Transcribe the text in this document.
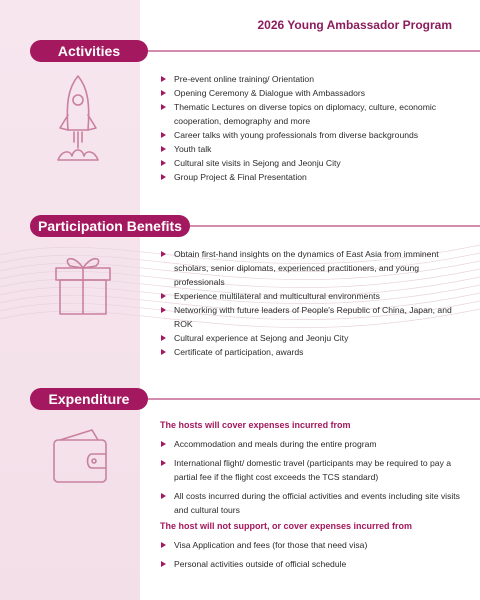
2026 Young Ambassador Program
Activities
Pre-event online training/ Orientation
Opening Ceremony & Dialogue with Ambassadors
Thematic Lectures on diverse topics on diplomacy, culture, economic cooperation, demography and more
Career talks with young professionals from diverse backgrounds
Youth talk
Cultural site visits in Sejong and Jeonju City
Group Project & Final Presentation
Participation Benefits
Obtain first-hand insights on the dynamics of East Asia from imminent scholars, senior diplomats, experienced practitioners, and young professionals
Experience multilateral and multicultural environments
Networking with future leaders of People's Republic of China, Japan, and ROK
Cultural experience at Sejong and Jeonju City
Certificate of participation, awards
Expenditure
The hosts will cover expenses incurred from
Accommodation and meals during the entire program
International flight/ domestic travel (participants may be required to pay a partial fee if the flight cost exceeds the TCS standard)
All costs incurred during the official activities and events including site visits and cultural tours
The host will not support, or cover expenses incurred from
Visa Application and fees (for those that need visa)
Personal activities outside of official schedule
